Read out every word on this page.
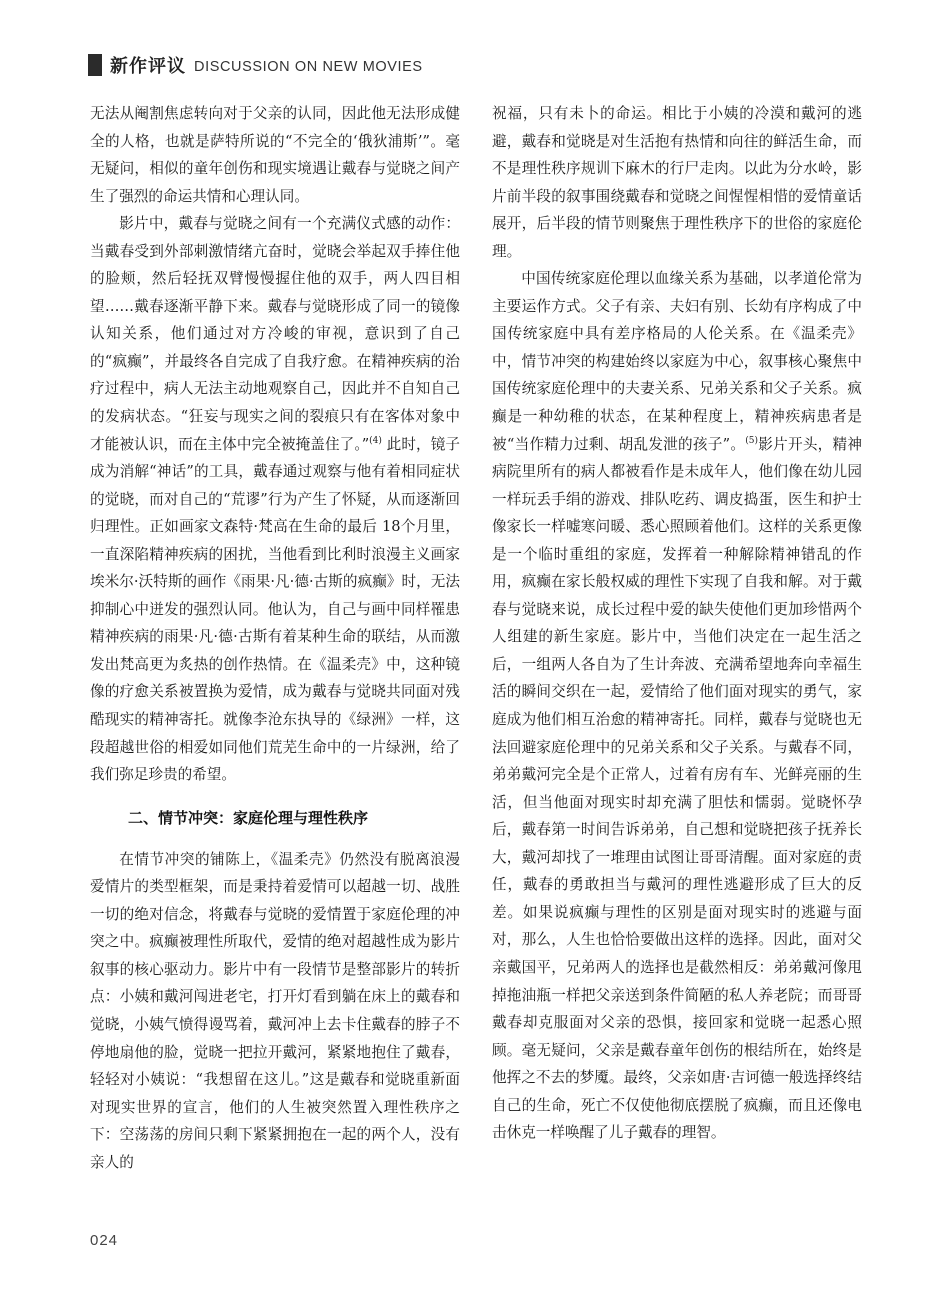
新作评议 DISCUSSION ON NEW MOVIES

无法从阉割焦虑转向对于父亲的认同，因此他无法形成健全的人格，也就是萨特所说的“不完全的‘俄狄浦斯’”。毫无疑问，相似的童年创伤和现实境遇让戴春与觉晓之间产生了强烈的命运共情和心理认同。

影片中，戴春与觉晓之间有一个充满仪式感的动作：当戴春受到外部刺激情绪亢奋时，觉晓会举起双手捧住他的脸颊，然后轻抚双臂慢慢握住他的双手，两人四目相望……戴春逐渐平静下来。戴春与觉晓形成了同一的镜像认知关系，他们通过对方冷峻的审视，意识到了自己的“疯癫”，并最终各自完成了自我疗愈。在精神疾病的治疗过程中，病人无法主动地观察自己，因此并不自知自己的发病状态。“狂妄与现实之间的裂痕只有在客体对象中才能被认识，而在主体中完全被掩盖住了。”$^{(4)}$ 此时，镜子成为消解“神话”的工具，戴春通过观察与他有着相同症状的觉晓，而对自己的“荒谬”行为产生了怀疑，从而逐渐回归理性。正如画家文森特·梵高在生命的最后 18个月里，一直深陷精神疾病的困扰，当他看到比利时浪漫主义画家埃米尔·沃特斯的画作《雨果·凡·德·古斯的疯癫》时，无法抑制心中迸发的强烈认同。他认为，自己与画中同样罹患精神疾病的雨果·凡·德·古斯有着某种生命的联结，从而激发出梵高更为炙热的创作热情。在《温柔壳》中，这种镜像的疗愈关系被置换为爱情，成为戴春与觉晓共同面对残酷现实的精神寄托。就像李沧东执导的《绿洲》一样，这段超越世俗的相爱如同他们荒芜生命中的一片绿洲，给了我们弥足珍贵的希望。

二、情节冲突：家庭伦理与理性秩序

在情节冲突的铺陈上，《温柔壳》仍然没有脱离浪漫爱情片的类型框架，而是秉持着爱情可以超越一切、战胜一切的绝对信念，将戴春与觉晓的爱情置于家庭伦理的冲突之中。疯癫被理性所取代，爱情的绝对超越性成为影片叙事的核心驱动力。影片中有一段情节是整部影片的转折点：小姨和戴河闯进老宅，打开灯看到躺在床上的戴春和觉晓，小姨气愤得谩骂着，戴河冲上去卡住戴春的脖子不停地扇他的脸，觉晓一把拉开戴河，紧紧地抱住了戴春，轻轻对小姨说：“我想留在这儿。”这是戴春和觉晓重新面对现实世界的宣言，他们的人生被突然置入理性秩序之下：空荡荡的房间只剩下紧紧拥抱在一起的两个人，没有亲人的

祝福，只有未卜的命运。相比于小姨的冷漠和戴河的逃避，戴春和觉晓是对生活抱有热情和向往的鲜活生命，而不是理性秩序规训下麻木的行尸走肉。以此为分水岭，影片前半段的叙事围绕戴春和觉晓之间惺惺相惜的爱情童话展开，后半段的情节则聚焦于理性秩序下的世俗的家庭伦理。

中国传统家庭伦理以血缘关系为基础，以孝道伦常为主要运作方式。父子有亲、夫妇有别、长幼有序构成了中国传统家庭中具有差序格局的人伦关系。在《温柔壳》中，情节冲突的构建始终以家庭为中心，叙事核心聚焦中国传统家庭伦理中的夫妻关系、兄弟关系和父子关系。疯癫是一种幼稚的状态，在某种程度上，精神疾病患者是被“当作精力过剩、胡乱发泄的孩子”。$^{(5)}$影片开头，精神病院里所有的病人都被看作是未成年人，他们像在幼儿园一样玩丢手绢的游戏、排队吃药、调皮捣蛋，医生和护士像家长一样嘘寒问暖、悉心照顾着他们。这样的关系更像是一个临时重组的家庭，发挥着一种解除精神错乱的作用，疯癫在家长般权威的理性下实现了自我和解。对于戴春与觉晓来说，成长过程中爱的缺失使他们更加珍惜两个人组建的新生家庭。影片中，当他们决定在一起生活之后，一组两人各自为了生计奔波、充满希望地奔向幸福生活的瞬间交织在一起，爱情给了他们面对现实的勇气，家庭成为他们相互治愈的精神寄托。同样，戴春与觉晓也无法回避家庭伦理中的兄弟关系和父子关系。与戴春不同，弟弟戴河完全是个正常人，过着有房有车、光鲜亮丽的生活，但当他面对现实时却充满了胆怯和懦弱。觉晓怀孕后，戴春第一时间告诉弟弟，自己想和觉晓把孩子抚养长大，戴河却找了一堆理由试图让哥哥清醒。面对家庭的责任，戴春的勇敢担当与戴河的理性逃避形成了巨大的反差。如果说疯癫与理性的区别是面对现实时的逃避与面对，那么，人生也恰恰要做出这样的选择。因此，面对父亲戴国平，兄弟两人的选择也是截然相反：弟弟戴河像甩掉拖油瓶一样把父亲送到条件简陋的私人养老院；而哥哥戴春却克服面对父亲的恐惧，接回家和觉晓一起悉心照顾。毫无疑问，父亲是戴春童年创伤的根结所在，始终是他挥之不去的梦魇。最终，父亲如唐·吉诃德一般选择终结自己的生命，死亡不仅使他彻底摆脱了疯癫，而且还像电击休克一样唤醒了儿子戴春的理智。

024
